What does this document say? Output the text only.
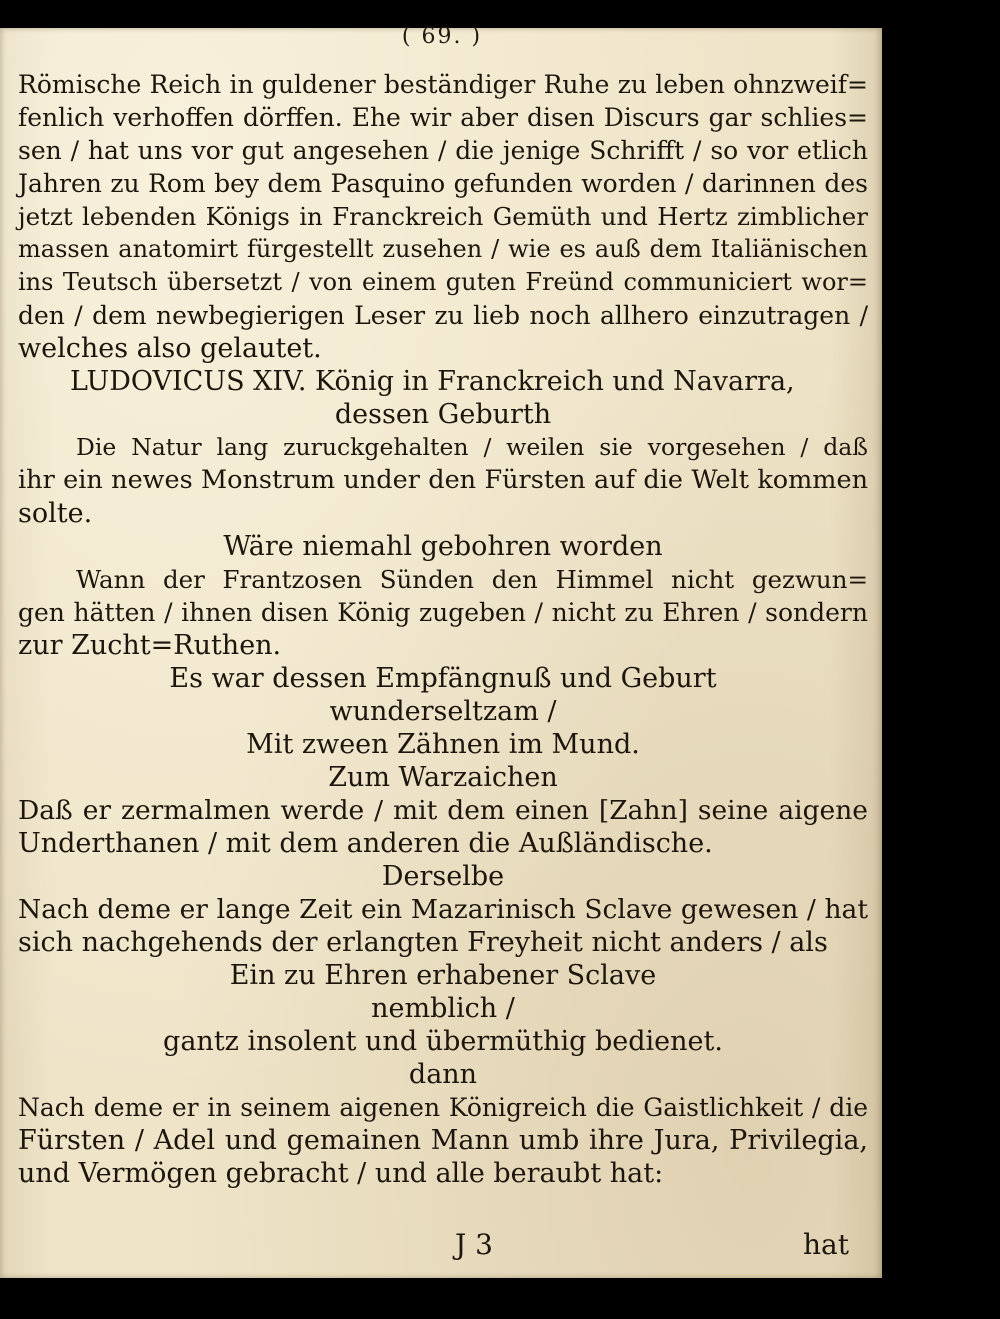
( 69. )
Römische Reich in guldener beständiger Ruhe zu leben ohnzweif=
fenlich verhoffen dörffen. Ehe wir aber disen Discurs gar schlies=
sen / hat uns vor gut angesehen / die jenige Schrifft / so vor etlich
Jahren zu Rom bey dem Pasquino gefunden worden / darinnen des
jetzt lebenden Königs in Franckreich Gemüth und Hertz zimblicher
massen anatomirt fürgestellt zusehen / wie es auß dem Italiänischen
ins Teutsch übersetzt / von einem guten Freünd communiciert wor=
den / dem newbegierigen Leser zu lieb noch allhero einzutragen /
welches also gelautet.
LUDOVICUS XIV. König in Franckreich und Navarra,
dessen Geburth
Die Natur lang zuruckgehalten / weilen sie vorgesehen / daß
ihr ein newes Monstrum under den Fürsten auf die Welt kommen
solte.
Wäre niemahl gebohren worden
Wann der Frantzosen Sünden den Himmel nicht gezwun=
gen hätten / ihnen disen König zugeben / nicht zu Ehren / sondern
zur Zucht=Ruthen.
Es war dessen Empfängnuß und Geburt
wunderseltzam /
Mit zween Zähnen im Mund.
Zum Warzaichen
Daß er zermalmen werde / mit dem einen [Zahn] seine aigene
Underthanen / mit dem anderen die Außländische.
Derselbe
Nach deme er lange Zeit ein Mazarinisch Sclave gewesen / hat
sich nachgehends der erlangten Freyheit nicht anders / als
Ein zu Ehren erhabener Sclave
nemblich /
gantz insolent und übermüthig bedienet.
dann
Nach deme er in seinem aigenen Königreich die Gaistlichkeit / die
Fürsten / Adel und gemainen Mann umb ihre Jura, Privilegia,
und Vermögen gebracht / und alle beraubt hat:
J 3	hat
